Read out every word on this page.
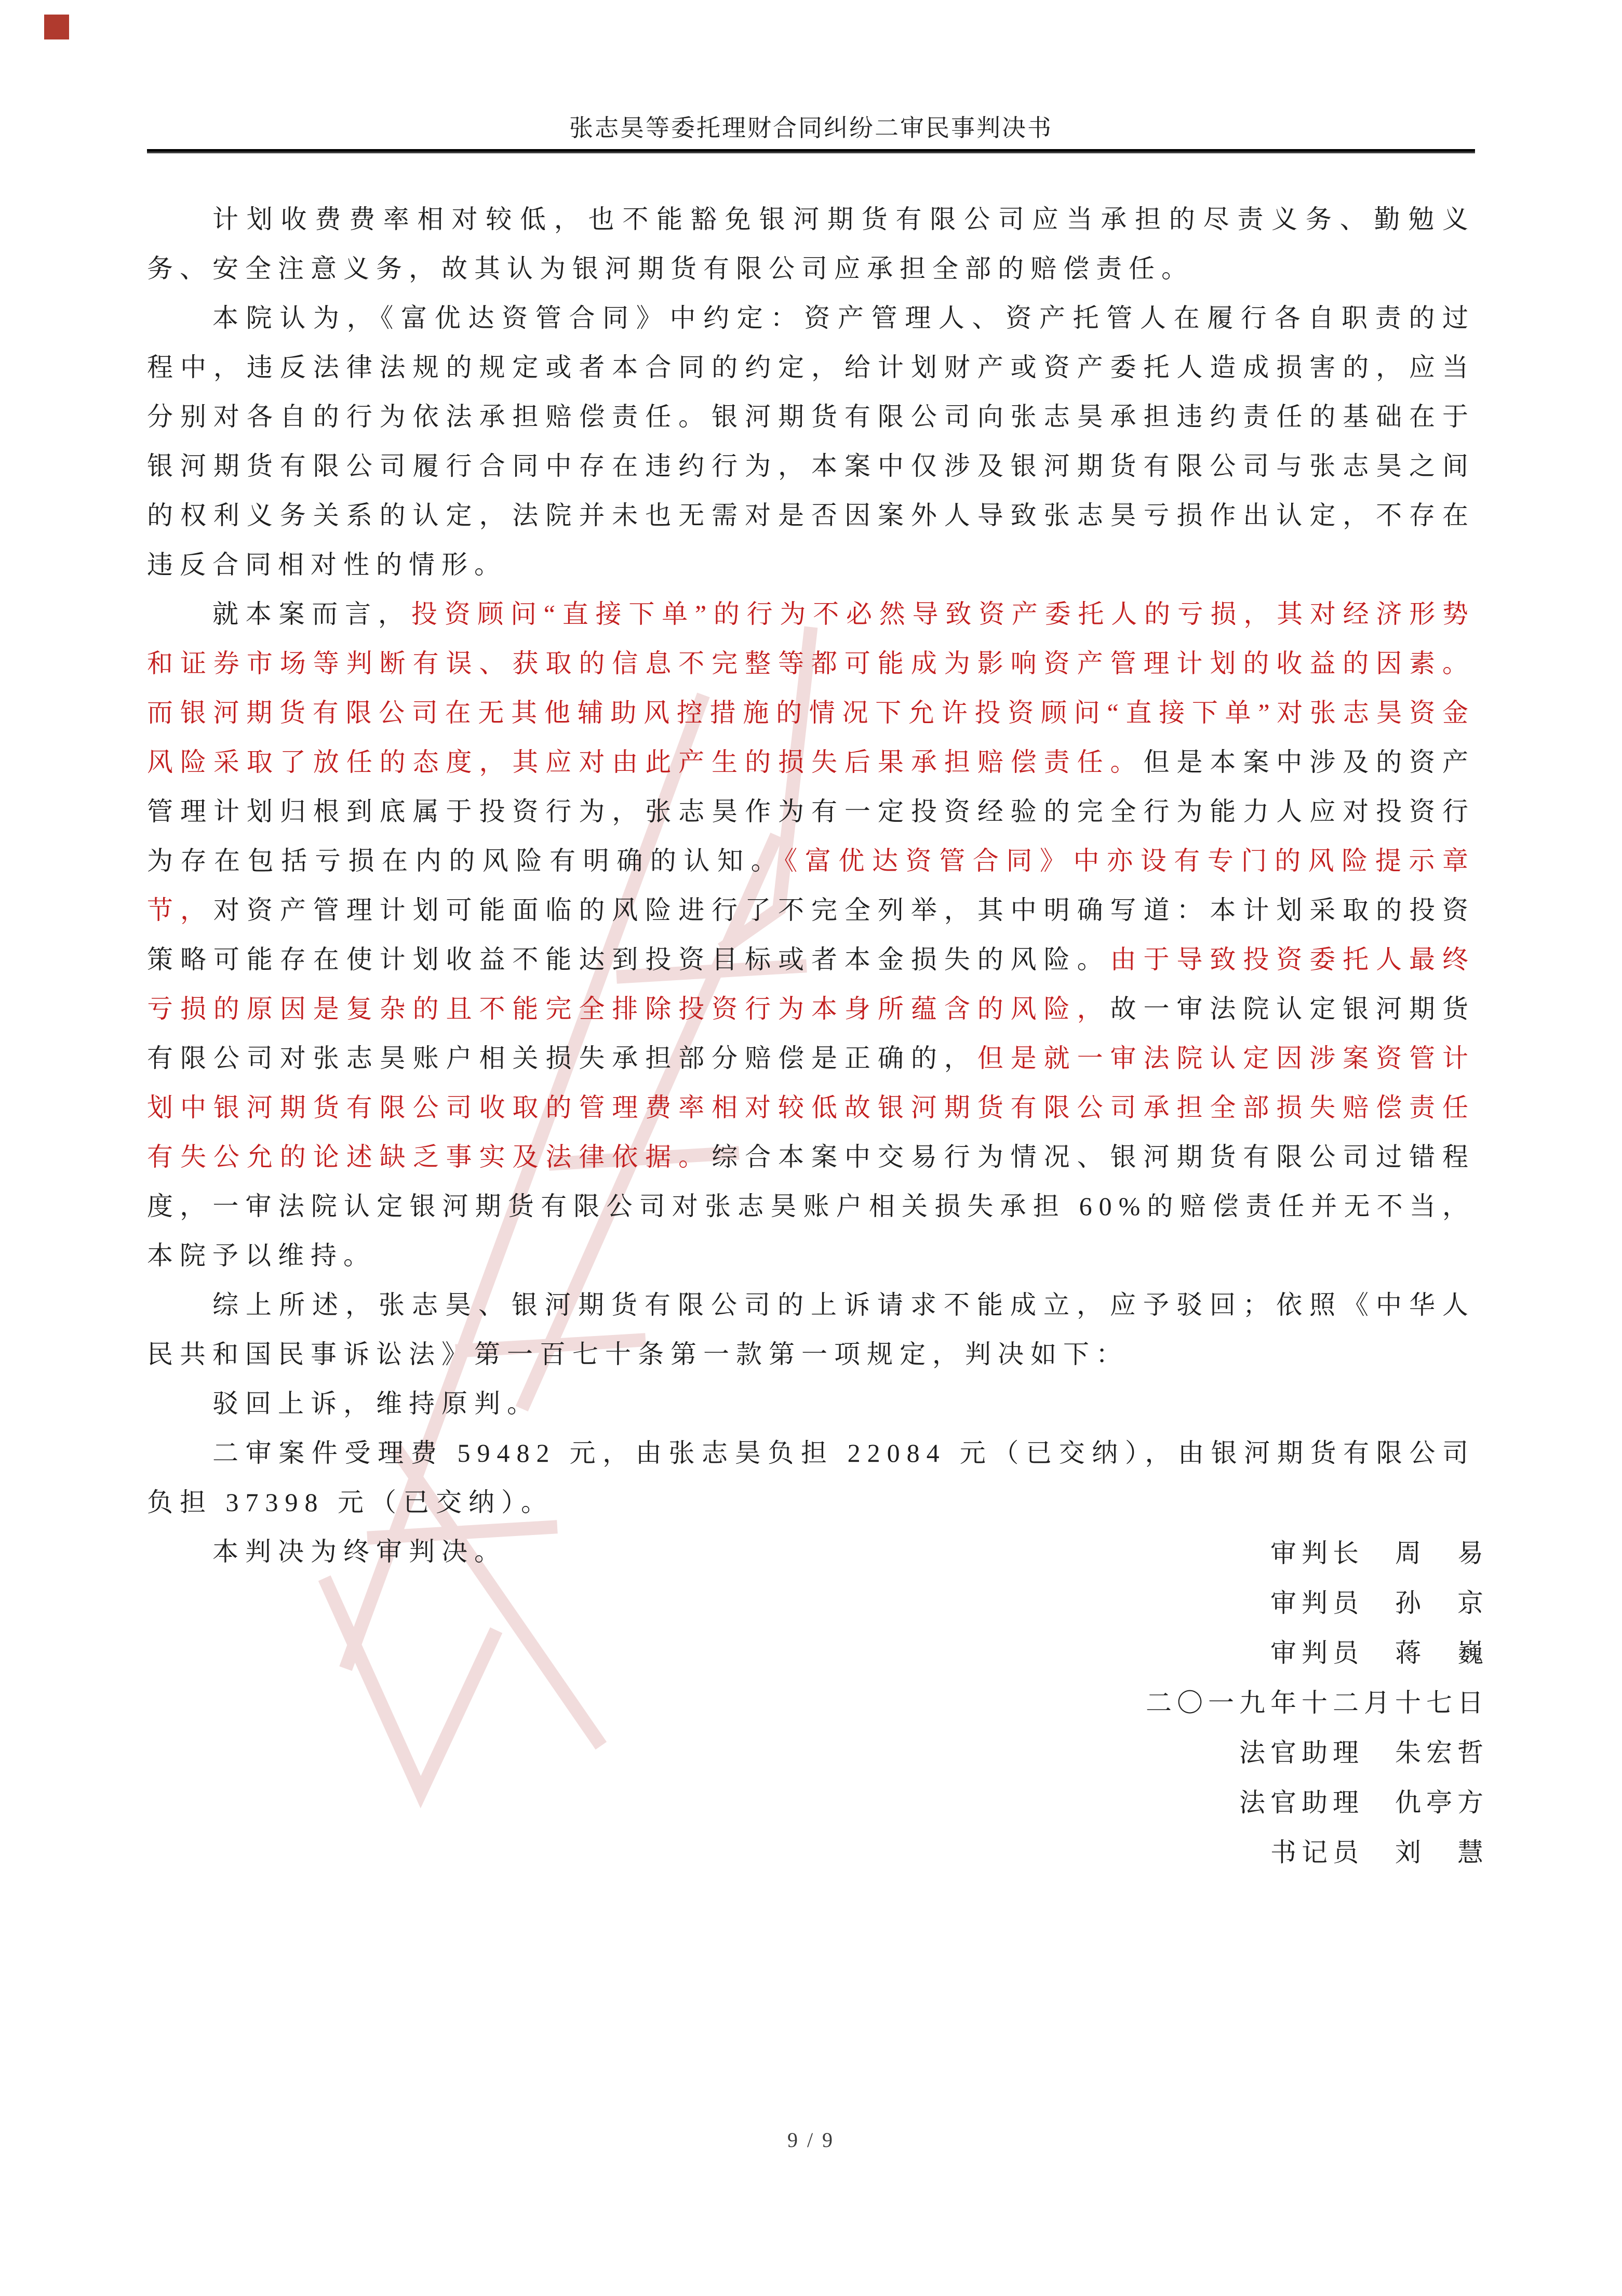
张志昊等委托理财合同纠纷二审民事判决书

计划收费费率相对较低，也不能豁免银河期货有限公司应当承担的尽责义务、勤勉义务、安全注意义务，故其认为银河期货有限公司应承担全部的赔偿责任。

本院认为，《富优达资管合同》中约定：资产管理人、资产托管人在履行各自职责的过程中，违反法律法规的规定或者本合同的约定，给计划财产或资产委托人造成损害的，应当分别对各自的行为依法承担赔偿责任。银河期货有限公司向张志昊承担违约责任的基础在于银河期货有限公司履行合同中存在违约行为，本案中仅涉及银河期货有限公司与张志昊之间的权利义务关系的认定，法院并未也无需对是否因案外人导致张志昊亏损作出认定，不存在违反合同相对性的情形。

就本案而言，投资顾问“直接下单”的行为不必然导致资产委托人的亏损，其对经济形势和证券市场等判断有误、获取的信息不完整等都可能成为影响资产管理计划的收益的因素。而银河期货有限公司在无其他辅助风控措施的情况下允许投资顾问“直接下单”对张志昊资金风险采取了放任的态度，其应对由此产生的损失后果承担赔偿责任。但是本案中涉及的资产管理计划归根到底属于投资行为，张志昊作为有一定投资经验的完全行为能力人应对投资行为存在包括亏损在内的风险有明确的认知。《富优达资管合同》中亦设有专门的风险提示章节，对资产管理计划可能面临的风险进行了不完全列举，其中明确写道：本计划采取的投资策略可能存在使计划收益不能达到投资目标或者本金损失的风险。由于导致投资委托人最终亏损的原因是复杂的且不能完全排除投资行为本身所蕴含的风险，故一审法院认定银河期货有限公司对张志昊账户相关损失承担部分赔偿是正确的，但是就一审法院认定因涉案资管计划中银河期货有限公司收取的管理费率相对较低故银河期货有限公司承担全部损失赔偿责任有失公允的论述缺乏事实及法律依据。综合本案中交易行为情况、银河期货有限公司过错程度，一审法院认定银河期货有限公司对张志昊账户相关损失承担 60%的赔偿责任并无不当，本院予以维持。

综上所述，张志昊、银河期货有限公司的上诉请求不能成立，应予驳回；依照《中华人民共和国民事诉讼法》第一百七十条第一款第一项规定，判决如下：

驳回上诉，维持原判。

二审案件受理费 59482 元，由张志昊负担 22084 元（已交纳），由银河期货有限公司负担 37398 元（已交纳）。

本判决为终审判决。	审判长　周　易
审判员　孙　京
审判员　蒋　巍
二〇一九年十二月十七日
法官助理　朱宏哲
法官助理　仇亭方
书记员　刘　慧
9 / 9
